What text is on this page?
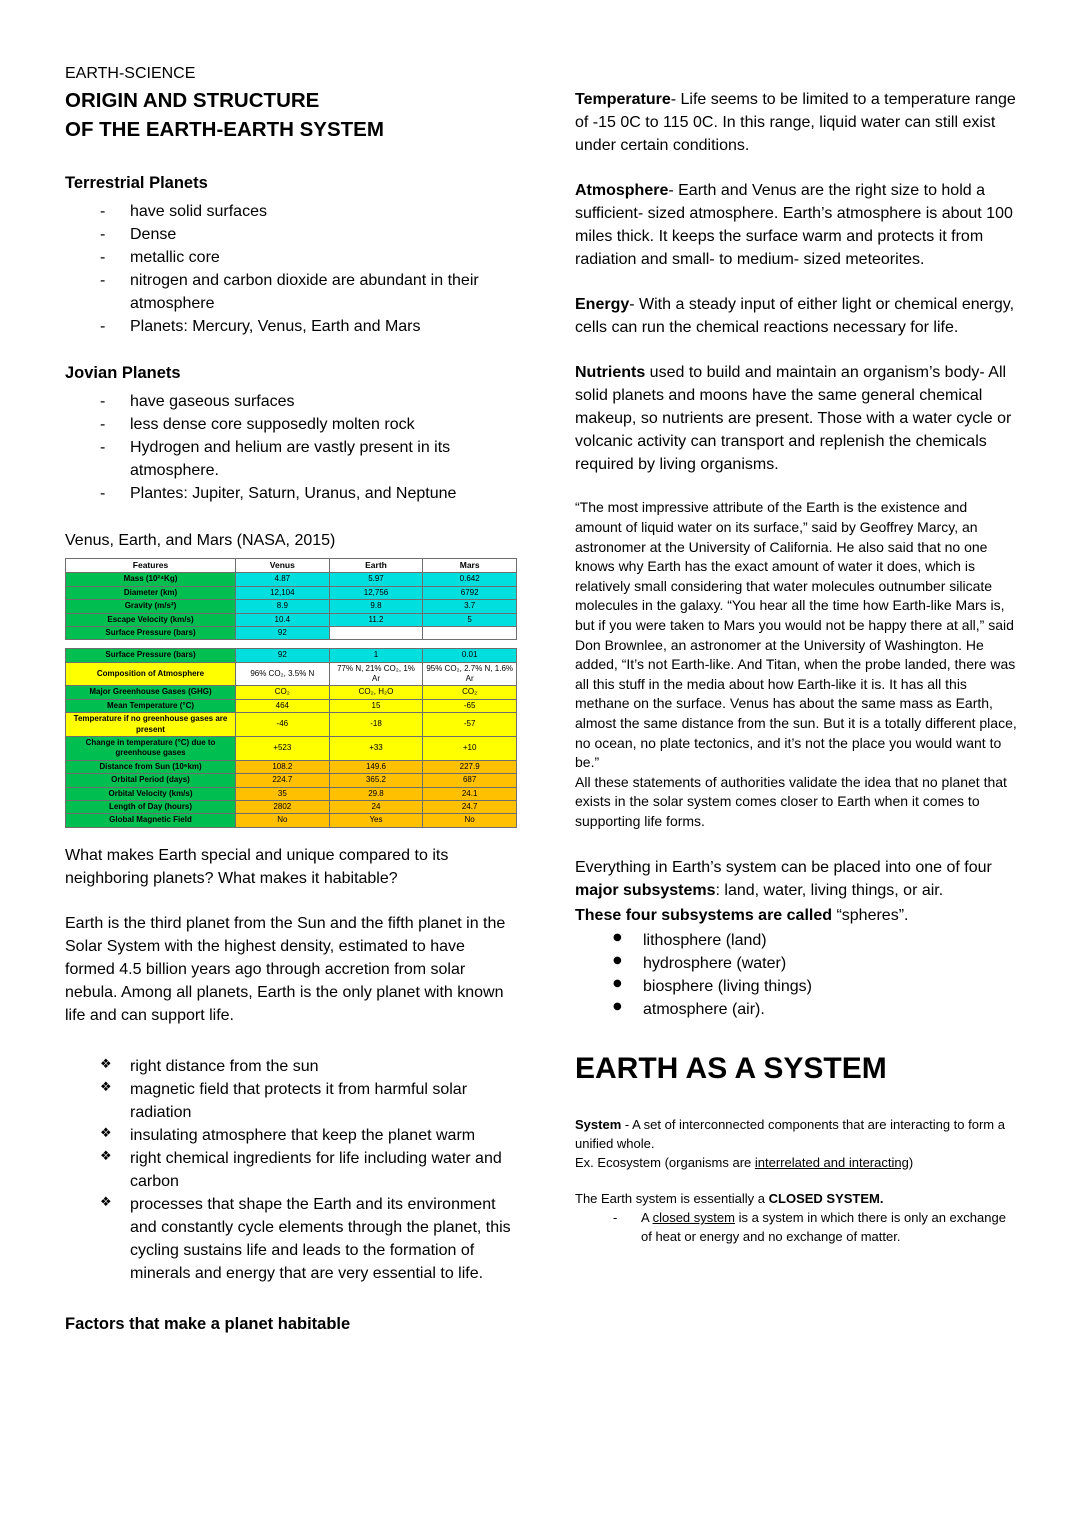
EARTH-SCIENCE
ORIGIN AND STRUCTURE
OF THE EARTH-EARTH SYSTEM
Terrestrial Planets
- have solid surfaces
- Dense
- metallic core
- nitrogen and carbon dioxide are abundant in their atmosphere
- Planets: Mercury, Venus, Earth and Mars
Jovian Planets
- have gaseous surfaces
- less dense core supposedly molten rock
- Hydrogen and helium are vastly present in its atmosphere.
- Plantes: Jupiter, Saturn, Uranus, and Neptune
Venus, Earth, and Mars (NASA, 2015)
Features	Venus	Earth	Mars
Mass (10²⁴Kg)	4.87	5.97	0.642
Diameter (km)	12,104	12,756	6792
Gravity (m/s²)	8.9	9.8	3.7
Escape Velocity (km/s)	10.4	11.2	5
Surface Pressure (bars)	92		
Surface Pressure (bars)	92	1	0.01
Composition of Atmosphere	96% CO₂, 3.5% N	77% N, 21% CO₂, 1% Ar	95% CO₂, 2.7% N, 1.6% Ar
Major Greenhouse Gases (GHG)	CO₂	CO₂, H₂O	CO₂
Mean Temperature (°C)	464	15	-65
Temperature if no greenhouse gases are present	-46	-18	-57
Change in temperature (°C) due to greenhouse gases	+523	+33	+10
Distance from Sun (10⁶km)	108.2	149.6	227.9
Orbital Period (days)	224.7	365.2	687
Orbital Velocity (km/s)	35	29.8	24.1
Length of Day (hours)	2802	24	24.7
Global Magnetic Field	No	Yes	No

What makes Earth special and unique compared to its neighboring planets? What makes it habitable?

Earth is the third planet from the Sun and the fifth planet in the Solar System with the highest density, estimated to have formed 4.5 billion years ago through accretion from solar nebula. Among all planets, Earth is the only planet with known life and can support life.

❖ right distance from the sun
❖ magnetic field that protects it from harmful solar radiation
❖ insulating atmosphere that keep the planet warm
❖ right chemical ingredients for life including water and carbon
❖ processes that shape the Earth and its environment and constantly cycle elements through the planet, this cycling sustains life and leads to the formation of minerals and energy that are very essential to life.
Factors that make a planet habitable

Temperature- Life seems to be limited to a temperature range of -15 0C to 115 0C. In this range, liquid water can still exist under certain conditions.

Atmosphere- Earth and Venus are the right size to hold a sufficient- sized atmosphere. Earth’s atmosphere is about 100 miles thick. It keeps the surface warm and protects it from radiation and small- to medium- sized meteorites.

Energy- With a steady input of either light or chemical energy, cells can run the chemical reactions necessary for life.

Nutrients used to build and maintain an organism’s body- All solid planets and moons have the same general chemical makeup, so nutrients are present. Those with a water cycle or volcanic activity can transport and replenish the chemicals required by living organisms.

“The most impressive attribute of the Earth is the existence and amount of liquid water on its surface,” said by Geoffrey Marcy, an astronomer at the University of California. He also said that no one knows why Earth has the exact amount of water it does, which is relatively small considering that water molecules outnumber silicate molecules in the galaxy. “You hear all the time how Earth-like Mars is, but if you were taken to Mars you would not be happy there at all,” said Don Brownlee, an astronomer at the University of Washington. He added, “It’s not Earth-like. And Titan, when the probe landed, there was all this stuff in the media about how Earth-like it is. It has all this methane on the surface. Venus has about the same mass as Earth, almost the same distance from the sun. But it is a totally different place, no ocean, no plate tectonics, and it’s not the place you would want to be.”
All these statements of authorities validate the idea that no planet that exists in the solar system comes closer to Earth when it comes to supporting life forms.

Everything in Earth’s system can be placed into one of four major subsystems: land, water, living things, or air.

These four subsystems are called “spheres”.

● lithosphere (land)
● hydrosphere (water)
● biosphere (living things)
● atmosphere (air).
EARTH AS A SYSTEM

System - A set of interconnected components that are interacting to form a unified whole.

Ex. Ecosystem (organisms are interrelated and interacting)

The Earth system is essentially a CLOSED SYSTEM.

- A closed system is a system in which there is only an exchange of heat or energy and no exchange of matter.
